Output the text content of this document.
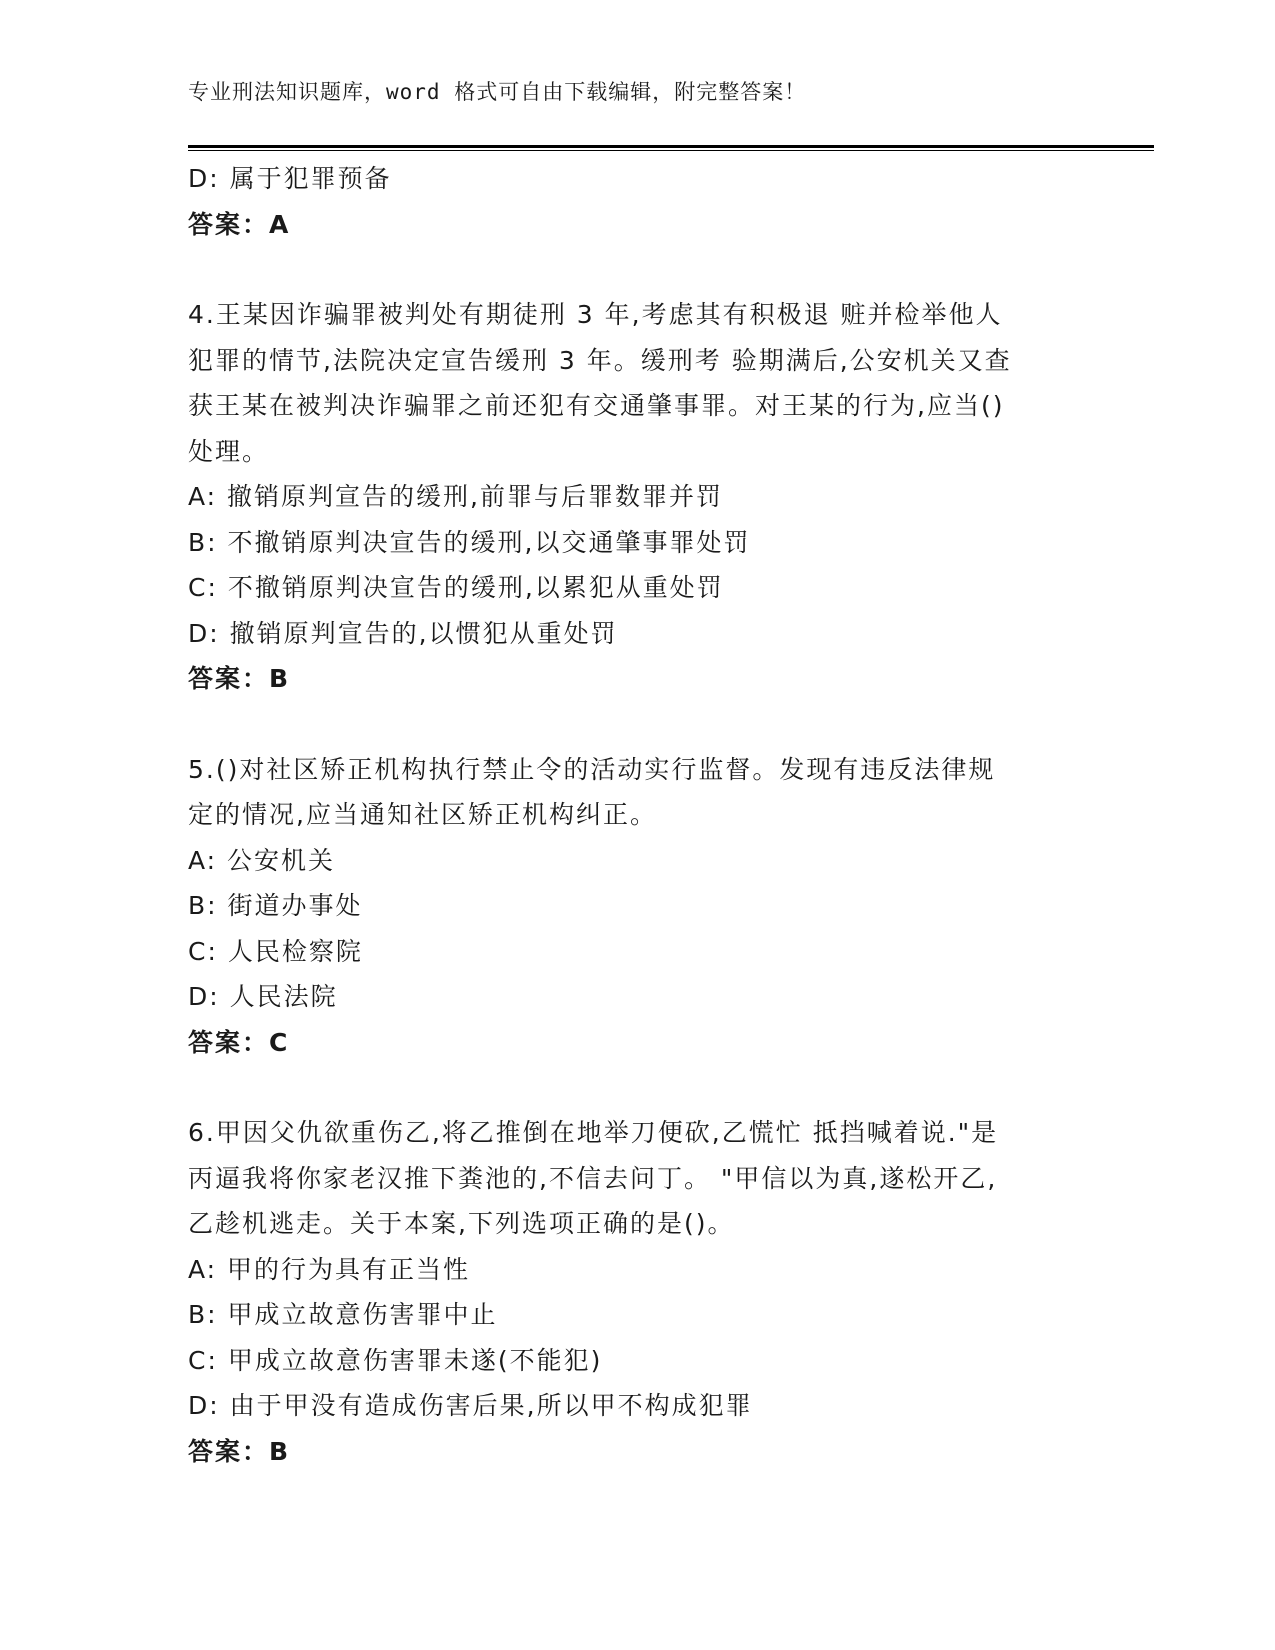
专业刑法知识题库，word 格式可自由下载编辑，附完整答案！
D: 属于犯罪预备
答案：A
4.王某因诈骗罪被判处有期徒刑 3 年,考虑其有积极退 赃并检举他人
犯罪的情节,法院决定宣告缓刑 3 年。缓刑考 验期满后,公安机关又查
获王某在被判决诈骗罪之前还犯有交通肇事罪。对王某的行为,应当()
处理。
A: 撤销原判宣告的缓刑,前罪与后罪数罪并罚
B: 不撤销原判决宣告的缓刑,以交通肇事罪处罚
C: 不撤销原判决宣告的缓刑,以累犯从重处罚
D: 撤销原判宣告的,以惯犯从重处罚
答案：B
5.()对社区矫正机构执行禁止令的活动实行监督。发现有违反法律规
定的情况,应当通知社区矫正机构纠正。
A: 公安机关
B: 街道办事处
C: 人民检察院
D: 人民法院
答案：C
6.甲因父仇欲重伤乙,将乙推倒在地举刀便砍,乙慌忙 抵挡喊着说."是
丙逼我将你家老汉推下粪池的,不信去问丁。 "甲信以为真,遂松开乙,
乙趁机逃走。关于本案,下列选项正确的是()。
A: 甲的行为具有正当性
B: 甲成立故意伤害罪中止
C: 甲成立故意伤害罪未遂(不能犯)
D: 由于甲没有造成伤害后果,所以甲不构成犯罪
答案：B
